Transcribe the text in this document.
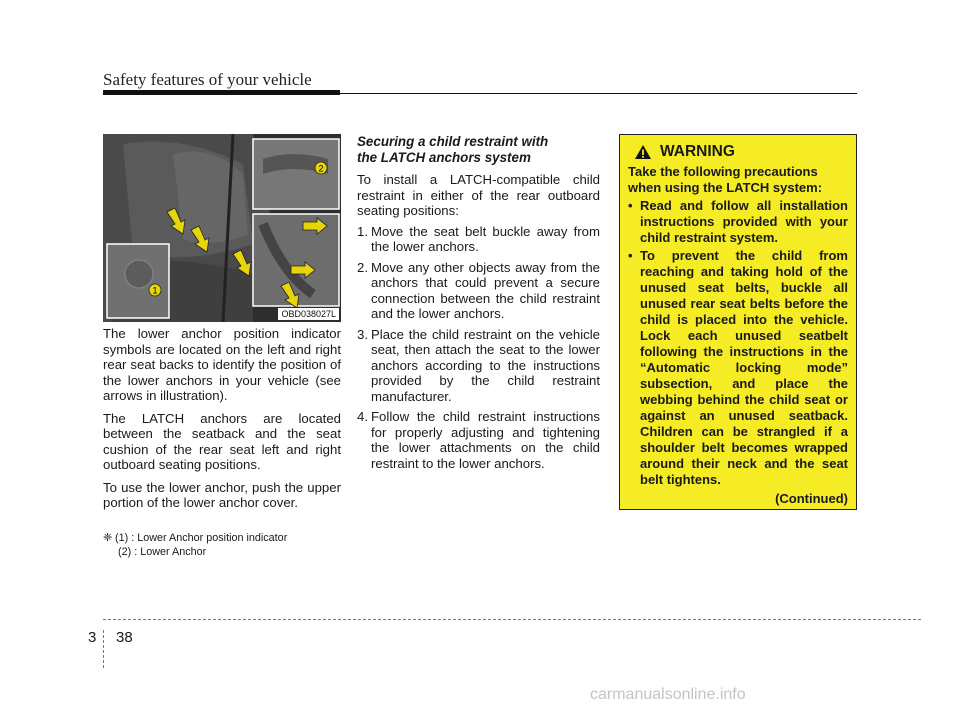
Safety features of your vehicle
1
2
OBD038027L

The lower anchor position indicator symbols are located on the left and right rear seat backs to identify the position of the lower anchors in your vehicle (see arrows in illustration).

The LATCH anchors are located between the seatback and the seat cushion of the rear seat left and right outboard seating positions.

To use the lower anchor, push the upper portion of the lower anchor cover.

❈ (1) : Lower Anchor position indicator
(2) : Lower Anchor
Securing a child restraint with
the LATCH anchors system

To install a LATCH-compatible child restraint in either of the rear outboard seating positions:

1. Move the seat belt buckle away from the lower anchors.
2. Move any other objects away from the anchors that could prevent a secure connection between the child restraint and the lower anchors.
3. Place the child restraint on the vehicle seat, then attach the seat to the lower anchors according to the instructions provided by the child restraint manufacturer.
4. Follow the child restraint instructions for properly adjusting and tightening the lower attachments on the child restraint to the lower anchors.
WARNING

Take the following precautions when using the LATCH system:

• Read and follow all installation instructions provided with your child restraint system.
• To prevent the child from reaching and taking hold of the unused seat belts, buckle all unused rear seat belts before the child is placed into the vehicle. Lock each unused seatbelt following the instructions in the “Automatic locking mode” subsection, and place the webbing behind the child seat or against an unused seatback. Children can be strangled if a shoulder belt becomes wrapped around their neck and the seat belt tightens.
(Continued)
3 38
carmanualsonline.info
